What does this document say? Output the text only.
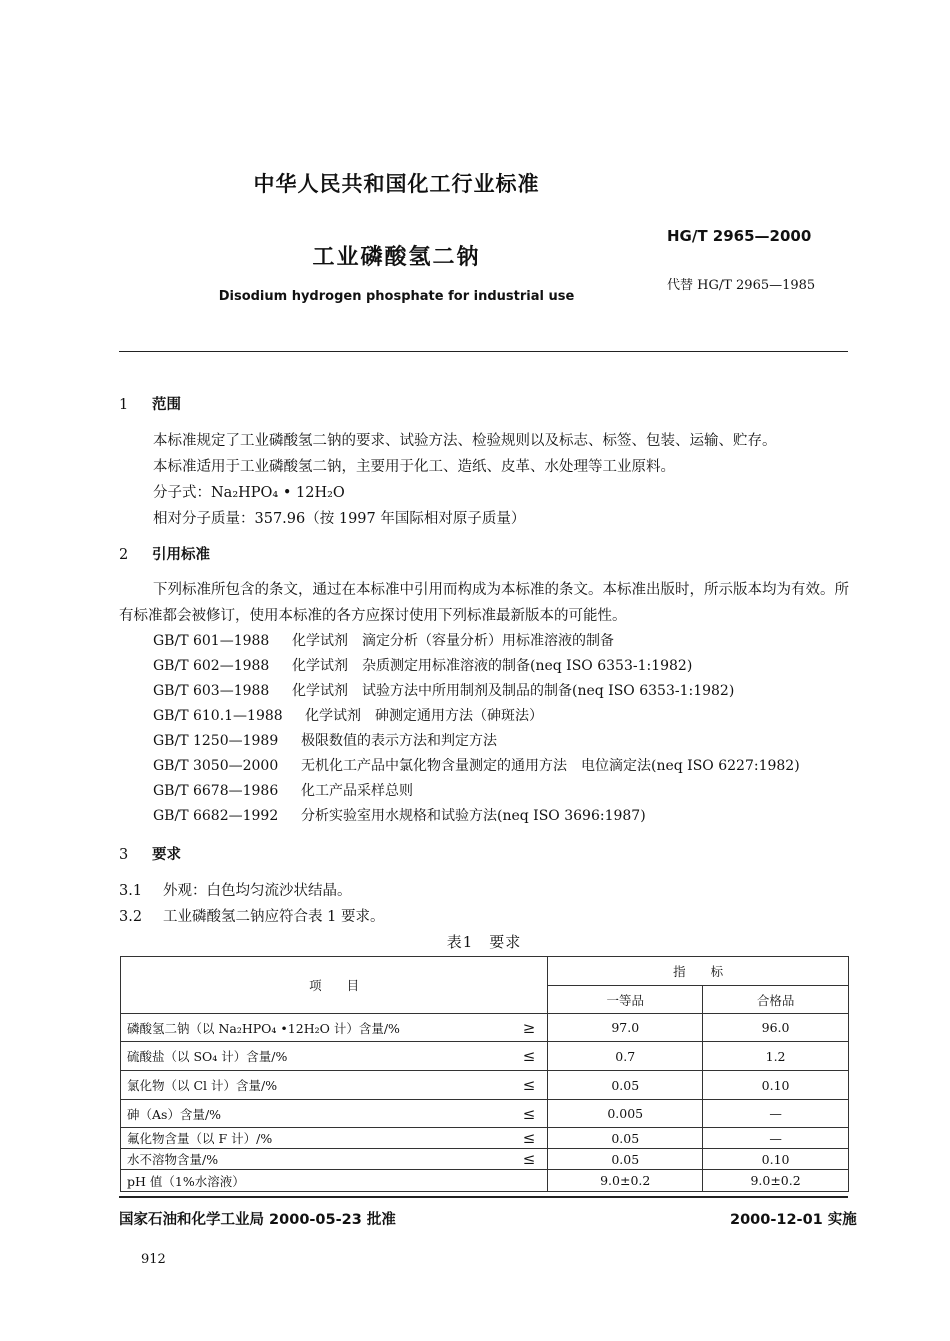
中华人民共和国化工行业标准
HG/T 2965—2000
工业磷酸氢二钠
代替 HG/T 2965—1985
Disodium hydrogen phosphate for industrial use
1 范围
本标准规定了工业磷酸氢二钠的要求、试验方法、检验规则以及标志、标签、包装、运输、贮存。
本标准适用于工业磷酸氢二钠，主要用于化工、造纸、皮革、水处理等工业原料。
分子式：Na₂HPO₄ • 12H₂O
相对分子质量：357.96（按 1997 年国际相对原子质量）
2 引用标准
下列标准所包含的条文，通过在本标准中引用而构成为本标准的条文。本标准出版时，所示版本均为有效。所有标准都会被修订，使用本标准的各方应探讨使用下列标准最新版本的可能性。
GB/T 601—1988 化学试剂　滴定分析（容量分析）用标准溶液的制备
GB/T 602—1988 化学试剂　杂质测定用标准溶液的制备(neq ISO 6353-1:1982)
GB/T 603—1988 化学试剂　试验方法中所用制剂及制品的制备(neq ISO 6353-1:1982)
GB/T 610.1—1988 化学试剂　砷测定通用方法（砷斑法）
GB/T 1250—1989 极限数值的表示方法和判定方法
GB/T 3050—2000 无机化工产品中氯化物含量测定的通用方法　电位滴定法(neq ISO 6227:1982)
GB/T 6678—1986 化工产品采样总则
GB/T 6682—1992 分析实验室用水规格和试验方法(neq ISO 3696:1987)
3 要求
3.1 外观：白色均匀流沙状结晶。
3.2 工业磷酸氢二钠应符合表 1 要求。
表1　要求
项　　目	指　　标	
	一等品	合格品
磷酸氢二钠（以 Na₂HPO₄ •12H₂O 计）含量/% ≥	97.0	96.0
硫酸盐（以 SO₄ 计）含量/% ≤	0.7	1.2
氯化物（以 Cl 计）含量/% ≤	0.05	0.10
砷（As）含量/% ≤	0.005	—
氟化物含量（以 F 计）/% ≤	0.05	—
水不溶物含量/% ≤	0.05	0.10
pH 值（1%水溶液）	9.0±0.2	9.0±0.2
国家石油和化学工业局 2000-05-23 批准	2000-12-01 实施
912
